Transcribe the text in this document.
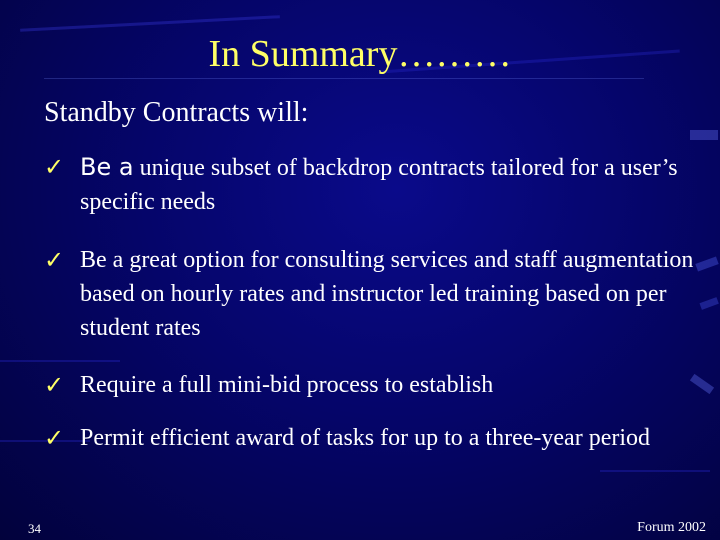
In Summary………
Standby Contracts will:
✓ Be a unique subset of backdrop contracts tailored for a user’s specific needs
✓ Be a great option for consulting services and staff augmentation based on hourly rates and instructor led training based on per student rates
✓ Require a full mini-bid process to establish
✓ Permit efficient award of tasks for up to a three-year period
34	Forum 2002
